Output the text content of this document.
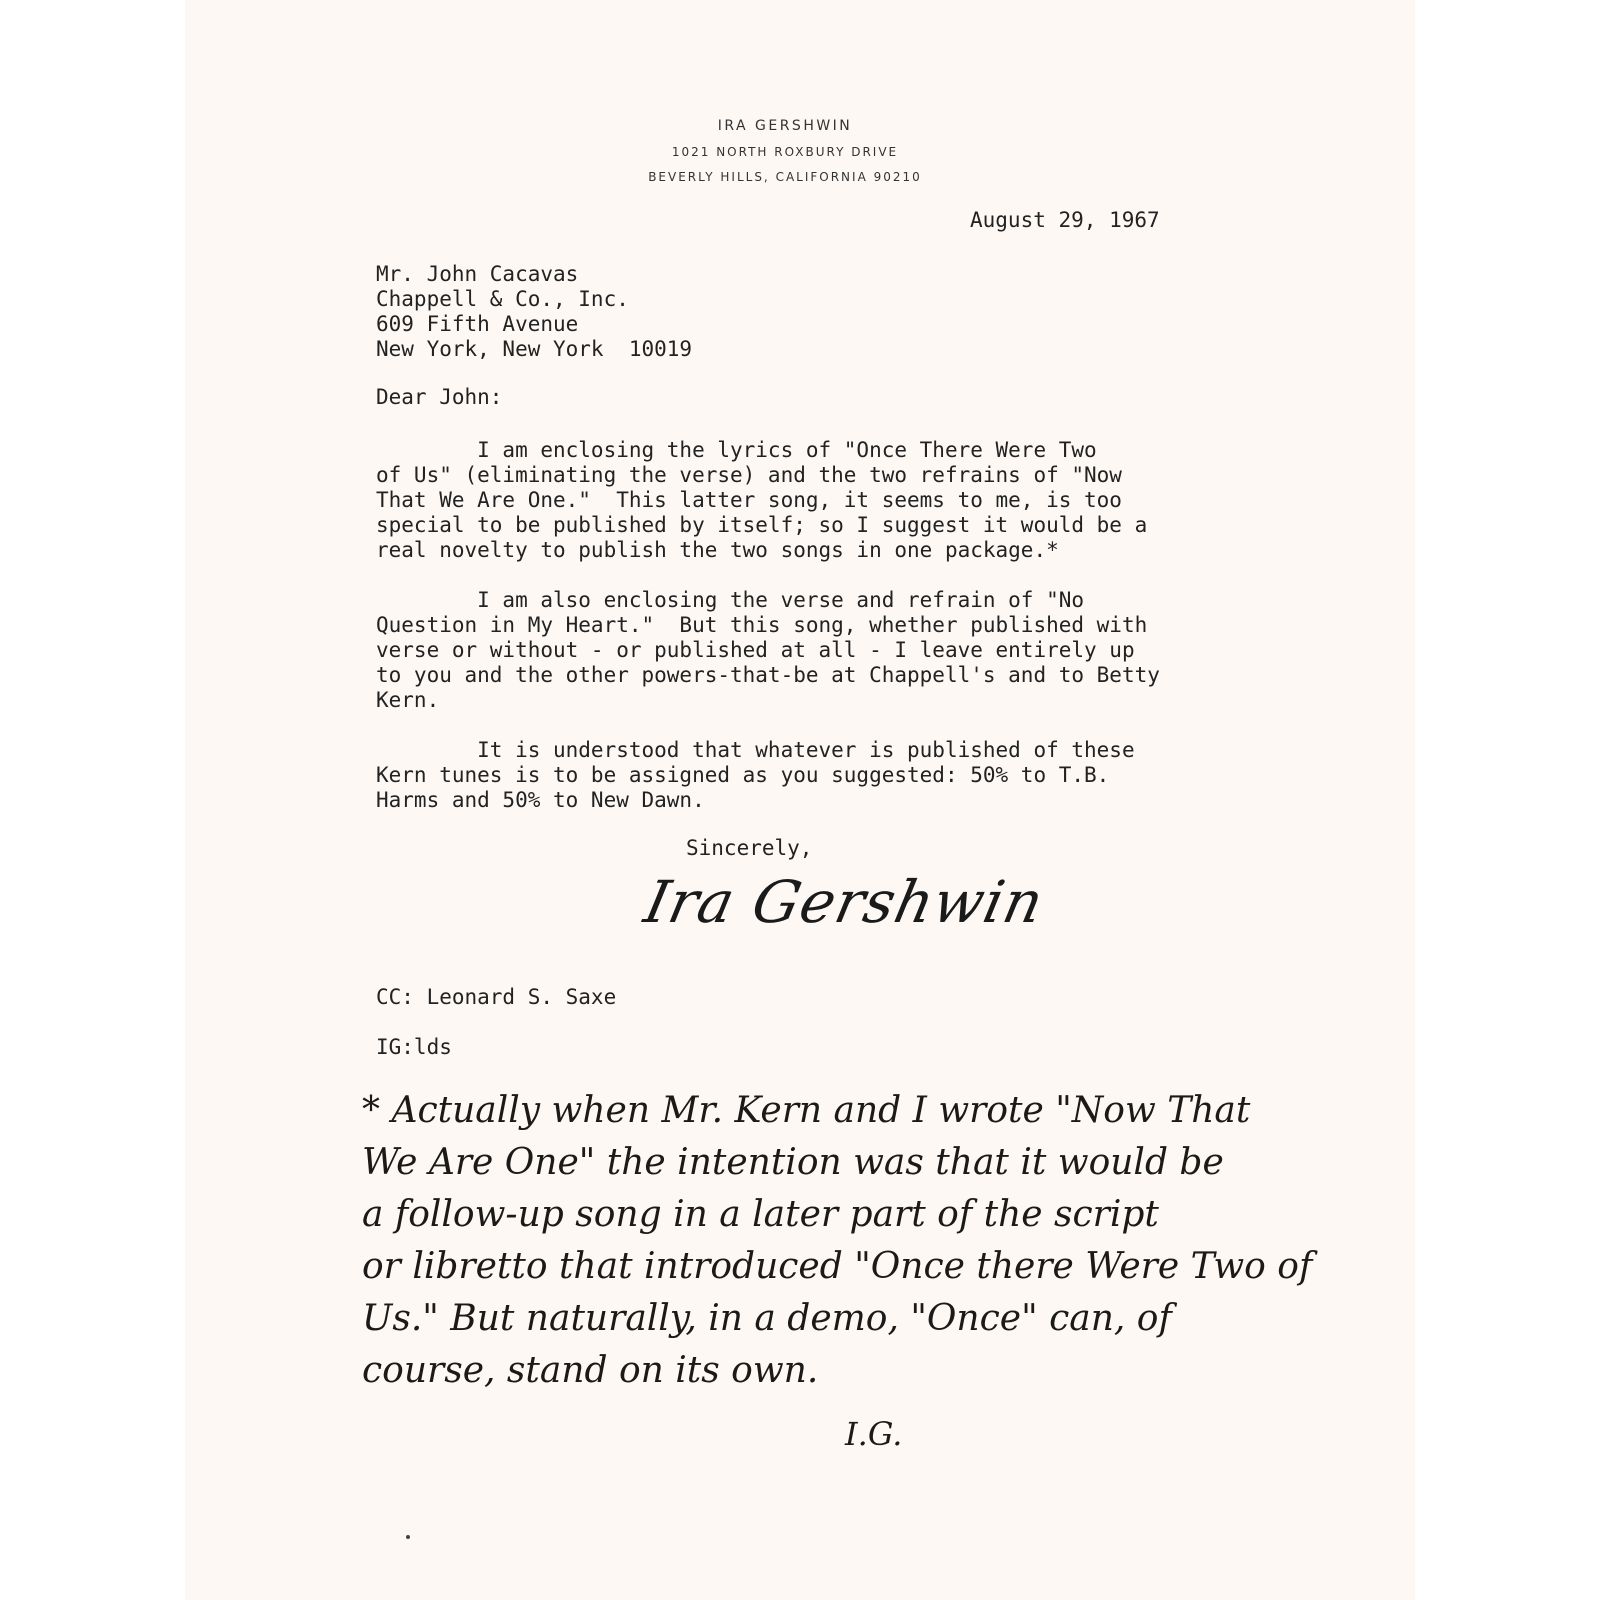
IRA GERSHWIN
1021 NORTH ROXBURY DRIVE
BEVERLY HILLS, CALIFORNIA 90210
August 29, 1967
Mr. John Cacavas
Chappell & Co., Inc.
609 Fifth Avenue
New York, New York  10019
Dear John:
I am enclosing the lyrics of "Once There Were Two
of Us" (eliminating the verse) and the two refrains of "Now
That We Are One."  This latter song, it seems to me, is too
special to be published by itself; so I suggest it would be a
real novelty to publish the two songs in one package.*
I am also enclosing the verse and refrain of "No
Question in My Heart."  But this song, whether published with
verse or without - or published at all - I leave entirely up
to you and the other powers-that-be at Chappell's and to Betty
Kern.
It is understood that whatever is published of these
Kern tunes is to be assigned as you suggested: 50% to T.B.
Harms and 50% to New Dawn.
Sincerely,
Ira Gershwin
CC: Leonard S. Saxe
IG:lds
* Actually when Mr. Kern and I wrote "Now That
We Are One" the intention was that it would be
a follow-up song in a later part of the script
or libretto that introduced "Once there Were Two of
Us." But naturally, in a demo, "Once" can, of
course, stand on its own.
I.G.
